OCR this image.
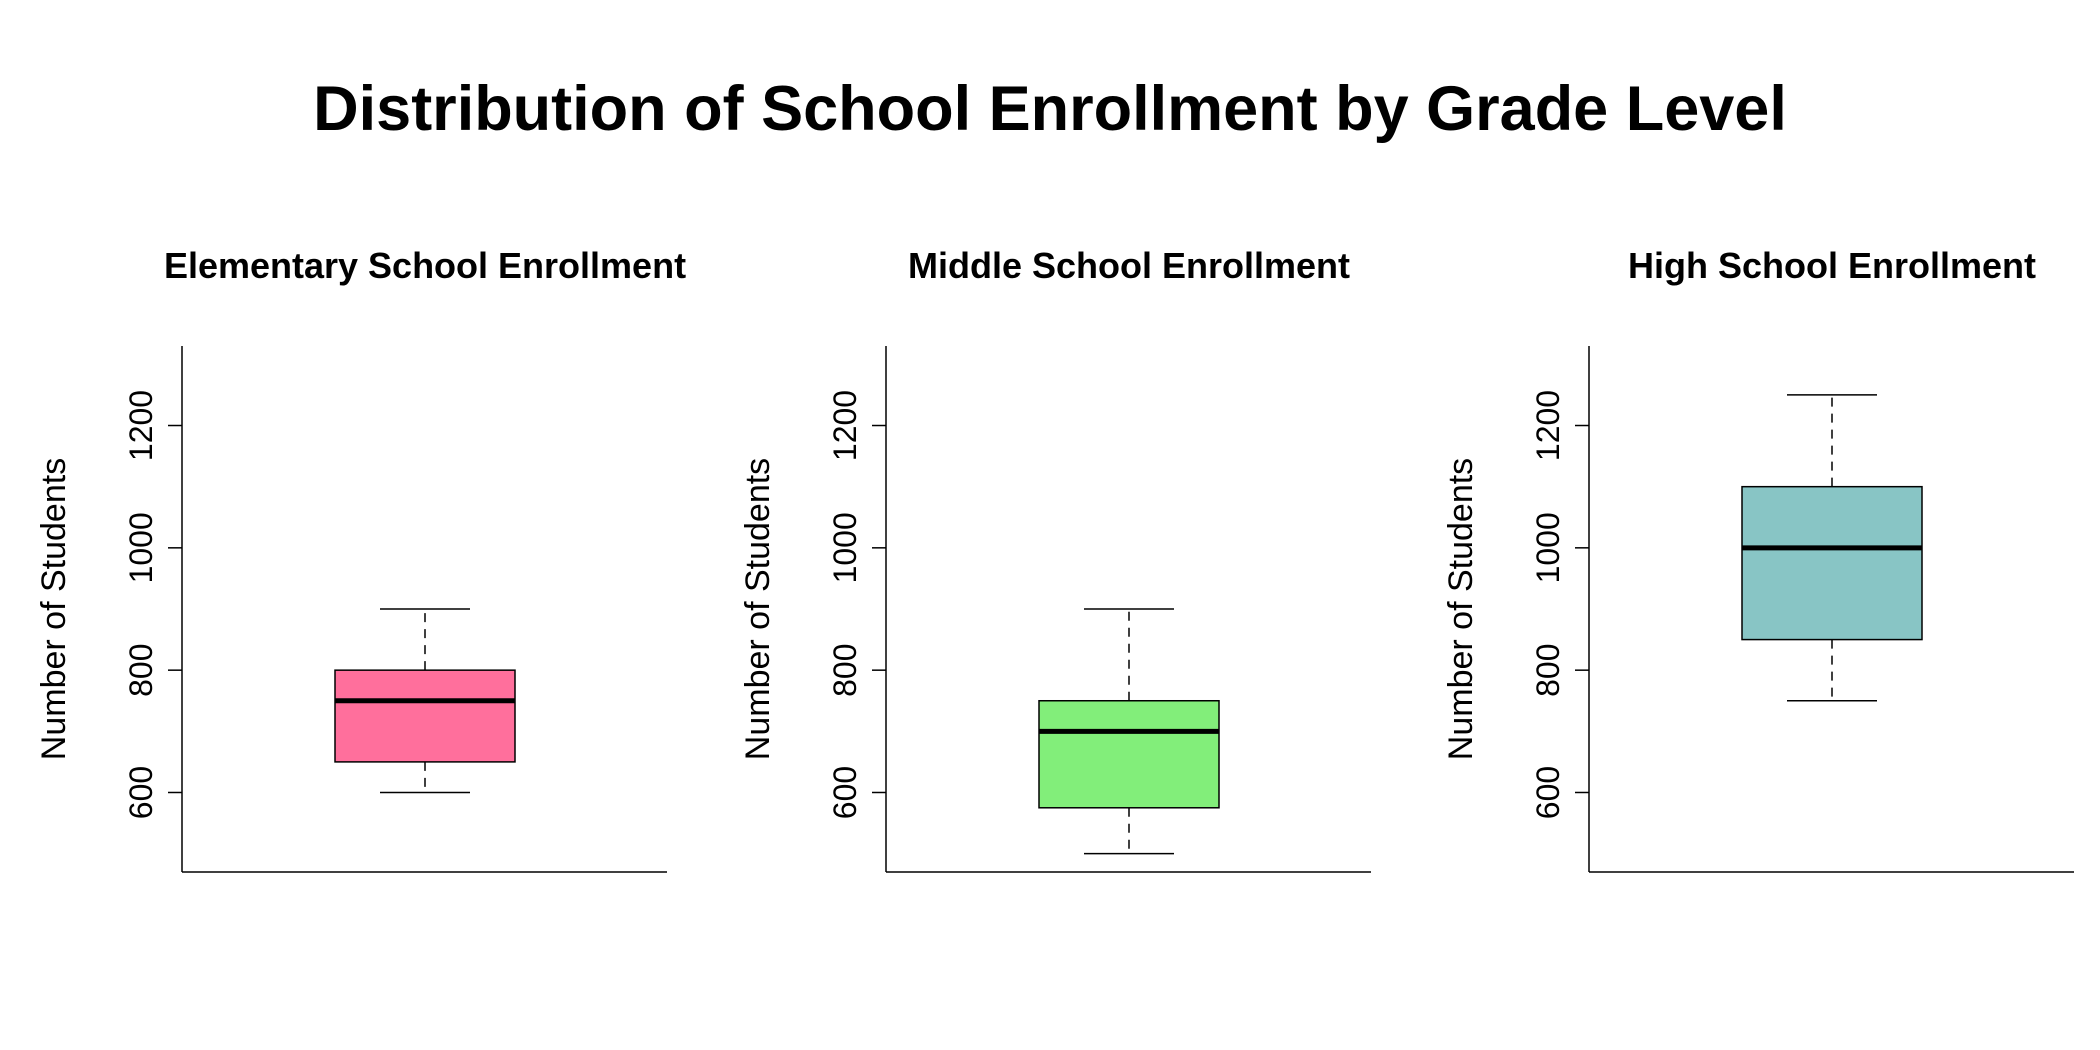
Elementary School Enrollment
Number of Students
600
800
1000
1200
Middle School Enrollment
Number of Students
600
800
1000
1200
High School Enrollment
Number of Students
600
800
1000
1200
Distribution of School Enrollment by Grade Level
